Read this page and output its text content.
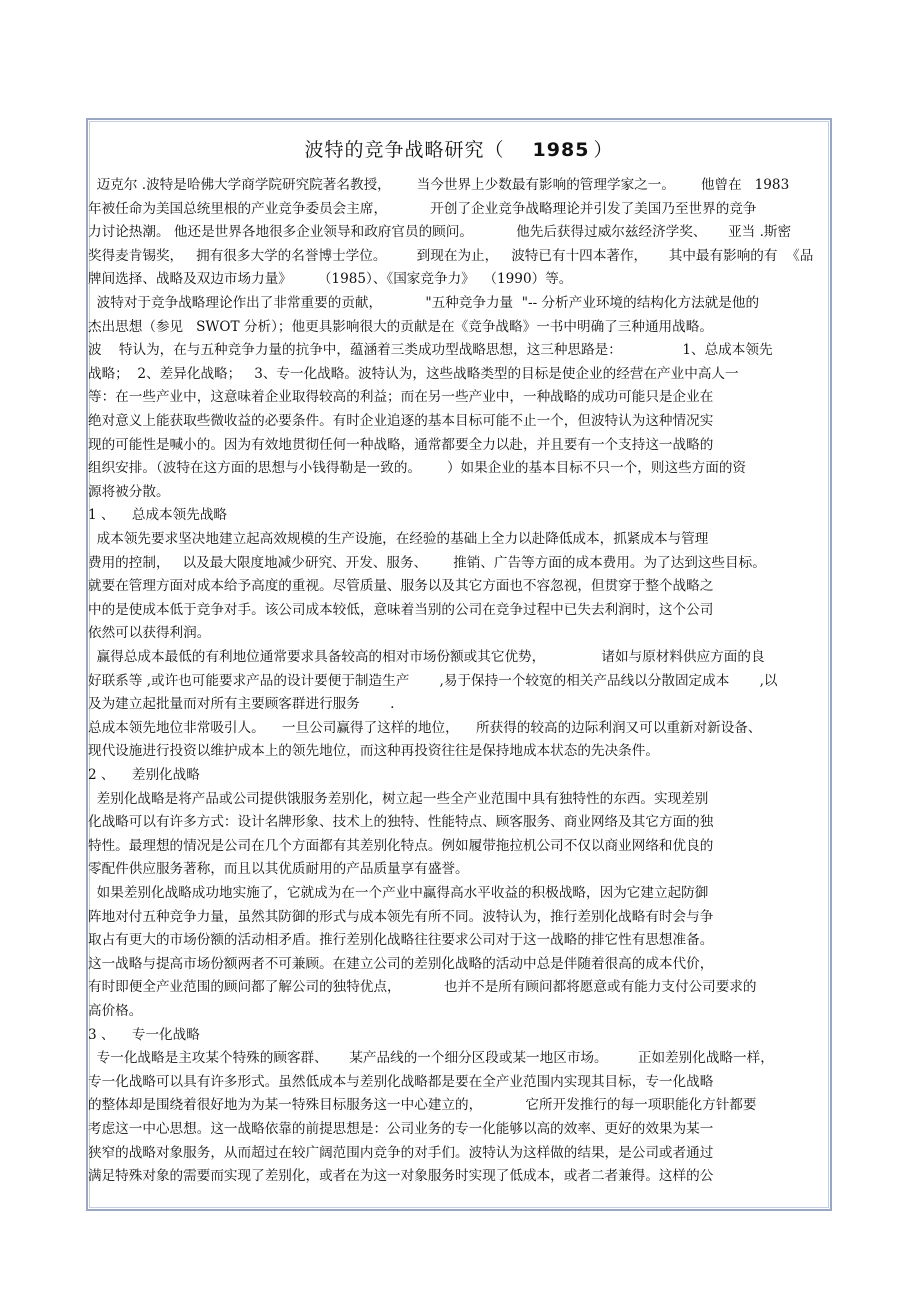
波特的竞争战略研究（ 1985 ）
迈克尔 .波特是哈佛大学商学院研究院著名教授，      当今世界上少数最有影响的管理学家之一。      他曾在   1983
年被任命为美国总统里根的产业竞争委员会主席，          开创了企业竞争战略理论并引发了美国乃至世界的竞争
力讨论热潮。 他还是世界各地很多企业领导和政府官员的顾问。          他先后获得过威尔兹经济学奖、     亚当 .斯密
奖得麦肯锡奖，   拥有很多大学的名誉博士学位。       到现在为止，   波特已有十四本著作，     其中最有影响的有  《品
牌间选择、战略及双边市场力量》      （1985）、《国家竞争力》  （1990）等。
波特对于竞争战略理论作出了非常重要的贡献，          "五种竞争力量  "-- 分析产业环境的结构化方法就是他的
杰出思想（参见   SWOT 分析）；他更具影响很大的贡献是在《竞争战略》一书中明确了三种通用战略。
波    特认为，在与五种竞争力量的抗争中，蕴涵着三类成功型战略思想，这三种思路是：              1、总成本领先
战略；  2、差异化战略；   3、专一化战略。波特认为，这些战略类型的目标是使企业的经营在产业中高人一
等：在一些产业中，这意味着企业取得较高的利益；而在另一些产业中，一种战略的成功可能只是企业在
绝对意义上能获取些微收益的必要条件。有时企业追逐的基本目标可能不止一个，但波特认为这种情况实
现的可能性是喊小的。因为有效地贯彻任何一种战略，通常都要全力以赴，并且要有一个支持这一战略的
组织安排。（波特在这方面的思想与小钱得勒是一致的。      ）如果企业的基本目标不只一个，则这些方面的资
源将被分散。
1 、    总成本领先战略
成本领先要求坚决地建立起高效规模的生产设施，在经验的基础上全力以赴降低成本，抓紧成本与管理
费用的控制，   以及最大限度地减少研究、开发、服务、      推销、广告等方面的成本费用。为了达到这些目标。
就要在管理方面对成本给予高度的重视。尽管质量、服务以及其它方面也不容忽视，但贯穿于整个战略之
中的是使成本低于竞争对手。该公司成本较低，意味着当别的公司在竞争过程中已失去利润时，这个公司
依然可以获得利润。
赢得总成本最低的有利地位通常要求具备较高的相对市场份额或其它优势，             诸如与原材料供应方面的良
好联系等 ,或许也可能要求产品的设计要便于制造生产       ,易于保持一个较宽的相关产品线以分散固定成本       ,以
及为建立起批量而对所有主要顾客群进行服务       .
总成本领先地位非常吸引人。    一旦公司赢得了这样的地位，    所获得的较高的边际利润又可以重新对新设备、
现代设施进行投资以维护成本上的领先地位，而这种再投资往往是保持地成本状态的先决条件。
2 、    差别化战略
差别化战略是将产品或公司提供饿服务差别化，树立起一些全产业范围中具有独特性的东西。实现差别
化战略可以有许多方式：设计名牌形象、技术上的独特、性能特点、顾客服务、商业网络及其它方面的独
特性。最理想的情况是公司在几个方面都有其差别化特点。例如履带拖拉机公司不仅以商业网络和优良的
零配件供应服务著称，而且以其优质耐用的产品质量享有盛誉。
如果差别化战略成功地实施了，它就成为在一个产业中赢得高水平收益的积极战略，因为它建立起防御
阵地对付五种竞争力量，虽然其防御的形式与成本领先有所不同。波特认为，推行差别化战略有时会与争
取占有更大的市场份额的活动相矛盾。推行差别化战略往往要求公司对于这一战略的排它性有思想准备。
这一战略与提高市场份额两者不可兼顾。在建立公司的差别化战略的活动中总是伴随着很高的成本代价，
有时即便全产业范围的顾问都了解公司的独特优点，          也并不是所有顾问都将愿意或有能力支付公司要求的
高价格。
3 、    专一化战略
专一化战略是主攻某个特殊的顾客群、     某产品线的一个细分区段或某一地区市场。       正如差别化战略一样，
专一化战略可以具有许多形式。虽然低成本与差别化战略都是要在全产业范围内实现其目标，专一化战略
的整体却是围绕着很好地为为某一特殊目标服务这一中心建立的，          它所开发推行的每一项职能化方针都要
考虑这一中心思想。这一战略依靠的前提思想是：公司业务的专一化能够以高的效率、更好的效果为某一
狭窄的战略对象服务，从而超过在较广阔范围内竞争的对手们。波特认为这样做的结果，是公司或者通过
满足特殊对象的需要而实现了差别化，或者在为这一对象服务时实现了低成本，或者二者兼得。这样的公
